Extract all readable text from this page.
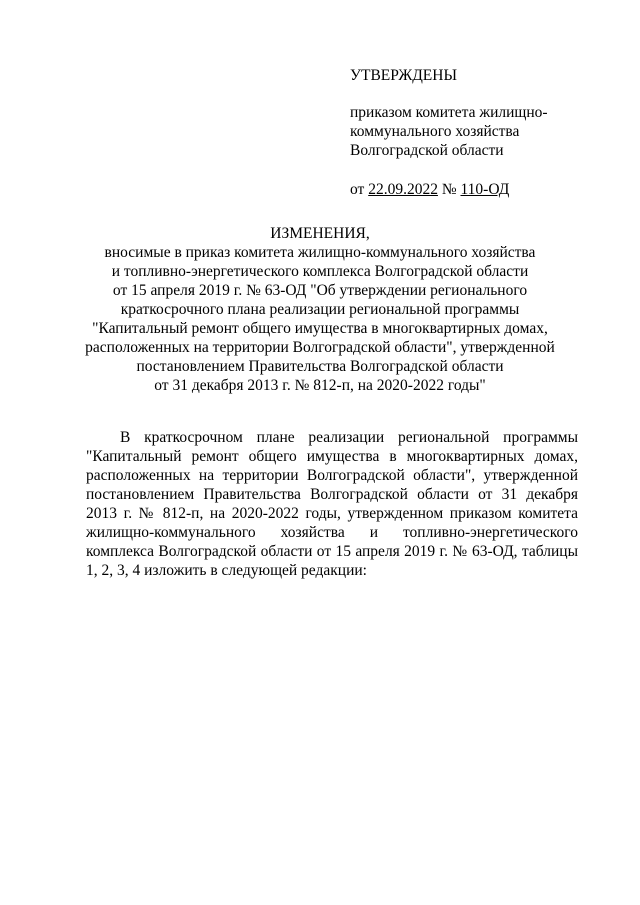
УТВЕРЖДЕНЫ
приказом комитета жилищно-
коммунального хозяйства
Волгоградской области
от 22.09.2022 № 110-ОД
ИЗМЕНЕНИЯ,
вносимые в приказ комитета жилищно-коммунального хозяйства
и топливно-энергетического комплекса Волгоградской области
от 15 апреля 2019 г. № 63-ОД "Об утверждении регионального
краткосрочного плана реализации региональной программы
"Капитальный ремонт общего имущества в многоквартирных домах,
расположенных на территории Волгоградской области", утвержденной
постановлением Правительства Волгоградской области
от 31 декабря 2013 г. № 812-п, на 2020-2022 годы"

В краткосрочном плане реализации региональной программы "Капитальный ремонт общего имущества в многоквартирных домах, расположенных на территории Волгоградской области", утвержденной постановлением Правительства Волгоградской области от 31 декабря 2013 г. № 812-п, на 2020-2022 годы, утвержденном приказом комитета жилищно-коммунального хозяйства и топливно-энергетического комплекса Волгоградской области от 15 апреля 2019 г. № 63-ОД, таблицы 1, 2, 3, 4 изложить в следующей редакции:
